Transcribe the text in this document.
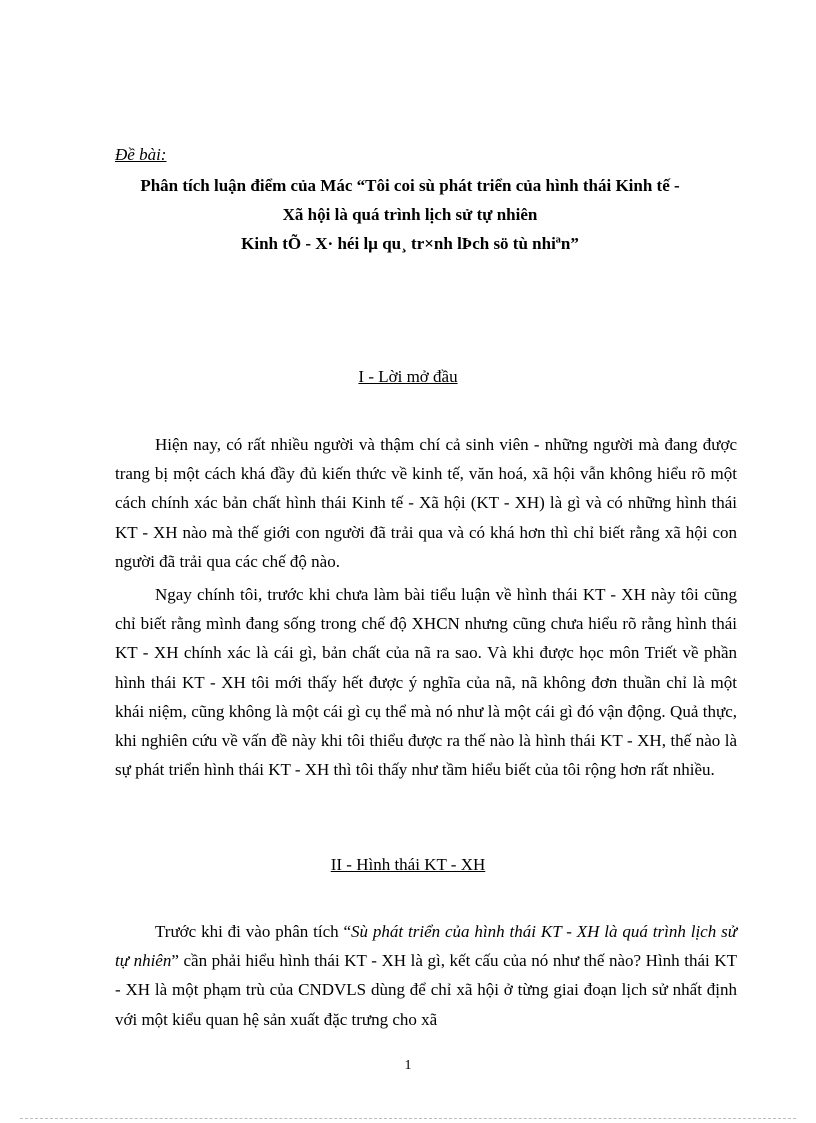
Đề bài:
Phân tích luận điểm của Mác “Tôi coi sù phát triển của hình thái Kinh tế -
Xã hội là quá trình lịch sử tự nhiên
Kinh tÕ - X· héi lµ qu¸ tr×nh lÞch sö tù nhiªn”
I - Lời mở đầu

Hiện nay, có rất nhiều người và thậm chí cả sinh viên - những người mà đang được trang bị một cách khá đầy đủ kiến thức về kinh tế, văn hoá, xã hội vẫn không hiểu rõ một cách chính xác bản chất hình thái Kinh tế - Xã hội (KT - XH) là gì và có những hình thái KT - XH nào mà thế giới con người đã trải qua và có khá hơn thì chỉ biết rằng xã hội con người đã trải qua các chế độ nào.

Ngay chính tôi, trước khi chưa làm bài tiểu luận về hình thái KT - XH này tôi cũng chỉ biết rằng mình đang sống trong chế độ XHCN nhưng cũng chưa hiểu rõ rằng hình thái KT - XH chính xác là cái gì, bản chất của nã ra sao. Và khi được học môn Triết về phần hình thái KT - XH tôi mới thấy hết được ý nghĩa của nã, nã không đơn thuần chỉ là một khái niệm, cũng không là một cái gì cụ thể mà nó như là một cái gì đó vận động. Quả thực, khi nghiên cứu về vấn đề này khi tôi thiểu được ra thế nào là hình thái KT - XH, thế nào là sự phát triển hình thái KT - XH thì tôi thấy như tầm hiểu biết của tôi rộng hơn rất nhiều.

II - Hình thái KT - XH

Trước khi đi vào phân tích “Sù phát triển của hình thái KT - XH là quá trình lịch sử tự nhiên” cần phải hiểu hình thái KT - XH là gì, kết cấu của nó như thế nào? Hình thái KT - XH là một phạm trù của CNDVLS dùng để chỉ xã hội ở từng giai đoạn lịch sử nhất định với một kiểu quan hệ sản xuất đặc trưng cho xã

1
